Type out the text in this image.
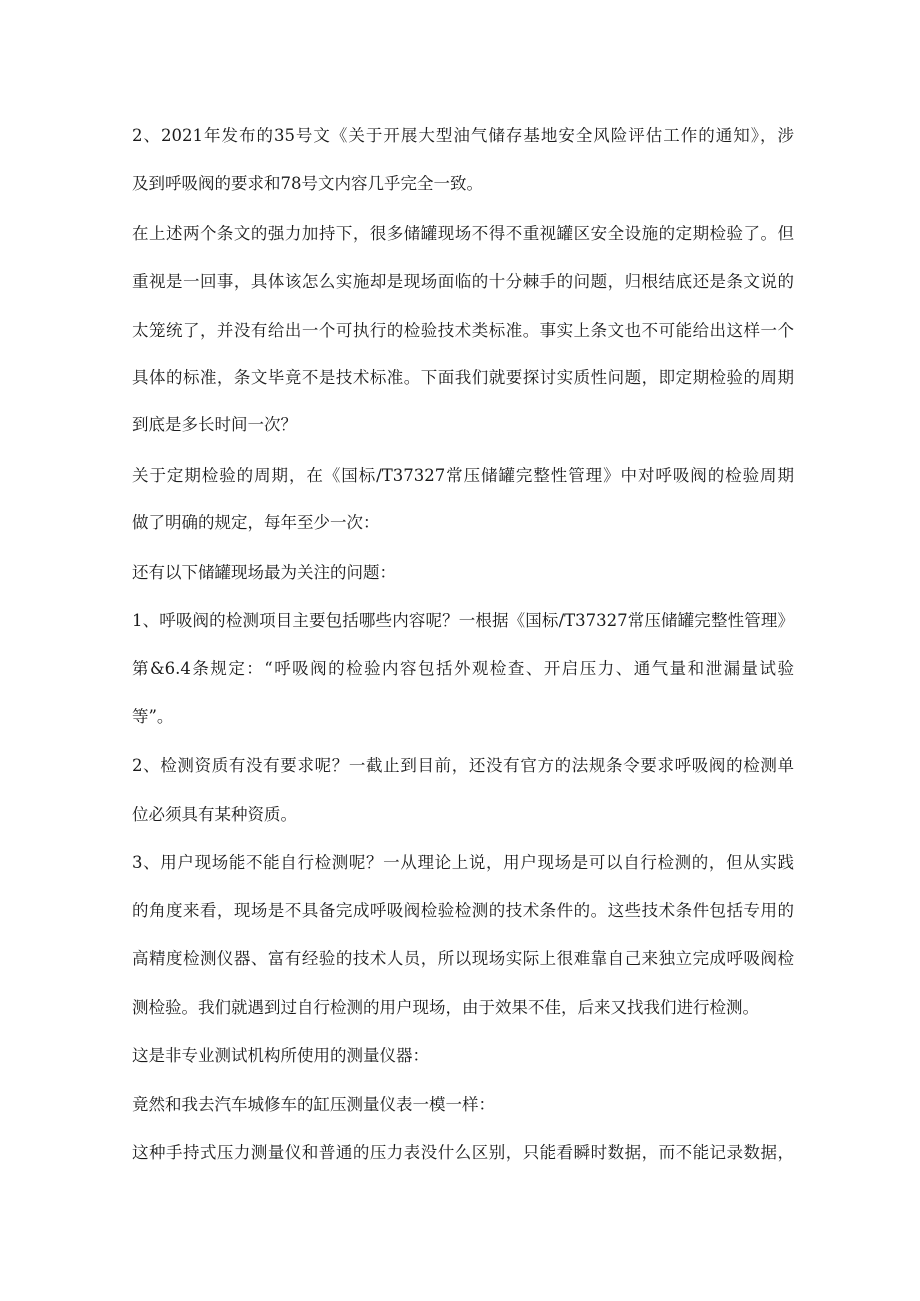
2、2021年发布的35号文《关于开展大型油气储存基地安全风险评估工作的通知》，涉
及到呼吸阀的要求和78号文内容几乎完全一致。
在上述两个条文的强力加持下，很多储罐现场不得不重视罐区安全设施的定期检验了。但
重视是一回事，具体该怎么实施却是现场面临的十分棘手的问题，归根结底还是条文说的
太笼统了，并没有给出一个可执行的检验技术类标准。事实上条文也不可能给出这样一个
具体的标准，条文毕竟不是技术标准。下面我们就要探讨实质性问题，即定期检验的周期
到底是多长时间一次？
关于定期检验的周期，在《国标/T37327常压储罐完整性管理》中对呼吸阀的检验周期
做了明确的规定，每年至少一次：
还有以下储罐现场最为关注的问题：
1、呼吸阀的检测项目主要包括哪些内容呢？一根据《国标/T37327常压储罐完整性管理》
第&6.4条规定：“呼吸阀的检验内容包括外观检查、开启压力、通气量和泄漏量试验
等”。
2、检测资质有没有要求呢？一截止到目前，还没有官方的法规条令要求呼吸阀的检测单
位必须具有某种资质。
3、用户现场能不能自行检测呢？一从理论上说，用户现场是可以自行检测的，但从实践
的角度来看，现场是不具备完成呼吸阀检验检测的技术条件的。这些技术条件包括专用的
高精度检测仪器、富有经验的技术人员，所以现场实际上很难靠自己来独立完成呼吸阀检
测检验。我们就遇到过自行检测的用户现场，由于效果不佳，后来又找我们进行检测。
这是非专业测试机构所使用的测量仪器：
竟然和我去汽车城修车的缸压测量仪表一模一样：
这种手持式压力测量仪和普通的压力表没什么区别，只能看瞬时数据，而不能记录数据，
